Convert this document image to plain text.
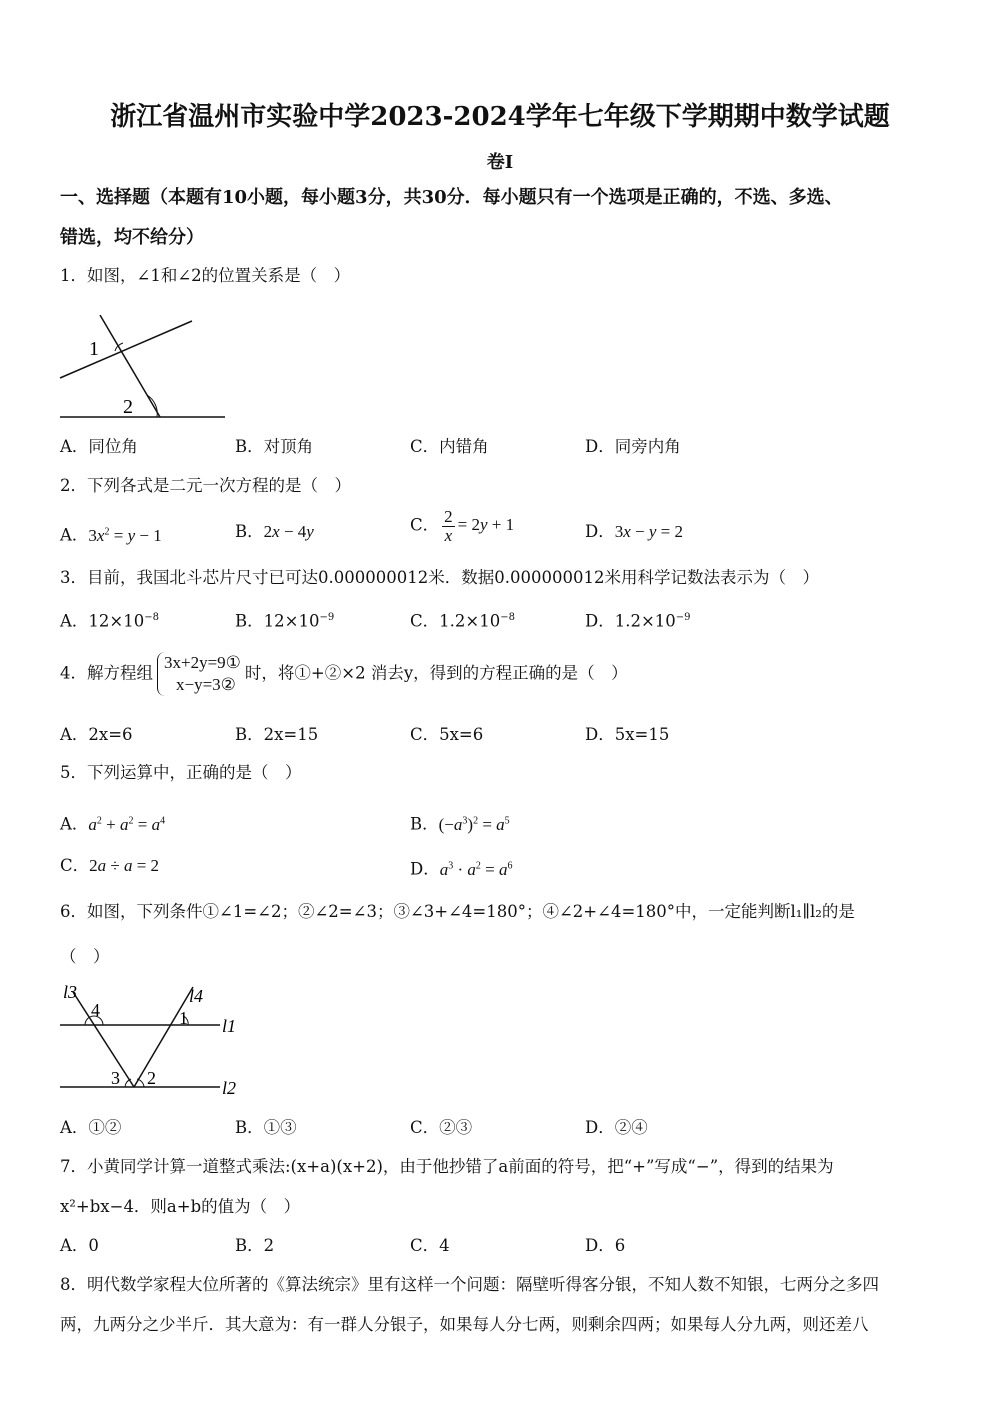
浙江省温州市实验中学2023-2024学年七年级下学期期中数学试题
卷I
一、选择题（本题有10小题，每小题3分，共30分．每小题只有一个选项是正确的，不选、多选、
错选，均不给分）
1．如图，∠1和∠2的位置关系是（　）
1
2
A．同位角	B．对顶角	C．内错角	D．同旁内角
2．下列各式是二元一次方程的是（　）
A．$3x^2 = y - 1$	B．2x − 4y	C． $\frac{2}{x} = 2y + 1$	D．3x − y = 2
3．目前，我国北斗芯片尺寸已可达0.000000012米．数据0.000000012米用科学记数法表示为（　）
A．$12\times 10^{-8}$	B．$12\times 10^{-9}$	C．$1.2\times 10^{-8}$	D．$1.2\times 10^{-9}$
4．解方程组3x+2y=9①
x−y=3②时，将①+②×2 消去y，得到的方程正确的是（　）
A．2x=6	B．2x=15	C．5x=6	D．5x=15
5．下列运算中，正确的是（　）
A．$a^2 + a^2 = a^4$	B．$(-a^3)^2 = a^5$
C．2a ÷ a = 2	D．$a^3 \cdot a^2 = a^6$
6．如图，下列条件①∠1=∠2；②∠2=∠3；③∠3+∠4=180°；④∠2+∠4=180°中，一定能判断l₁∥l₂的是
（　）
l3
4
l4
1 l1
3 2	l2
A．①②	B．①③	C．②③	D．②④
7．小黄同学计算一道整式乘法:(x+a)(x+2)，由于他抄错了a前面的符号，把“+”写成“−”，得到的结果为
x²+bx−4．则a+b的值为（　）
A．0	B．2	C．4	D．6
8．明代数学家程大位所著的《算法统宗》里有这样一个问题：隔壁听得客分银，不知人数不知银，七两分之多四
两，九两分之少半斤．其大意为：有一群人分银子，如果每人分七两，则剩余四两；如果每人分九两，则还差八
